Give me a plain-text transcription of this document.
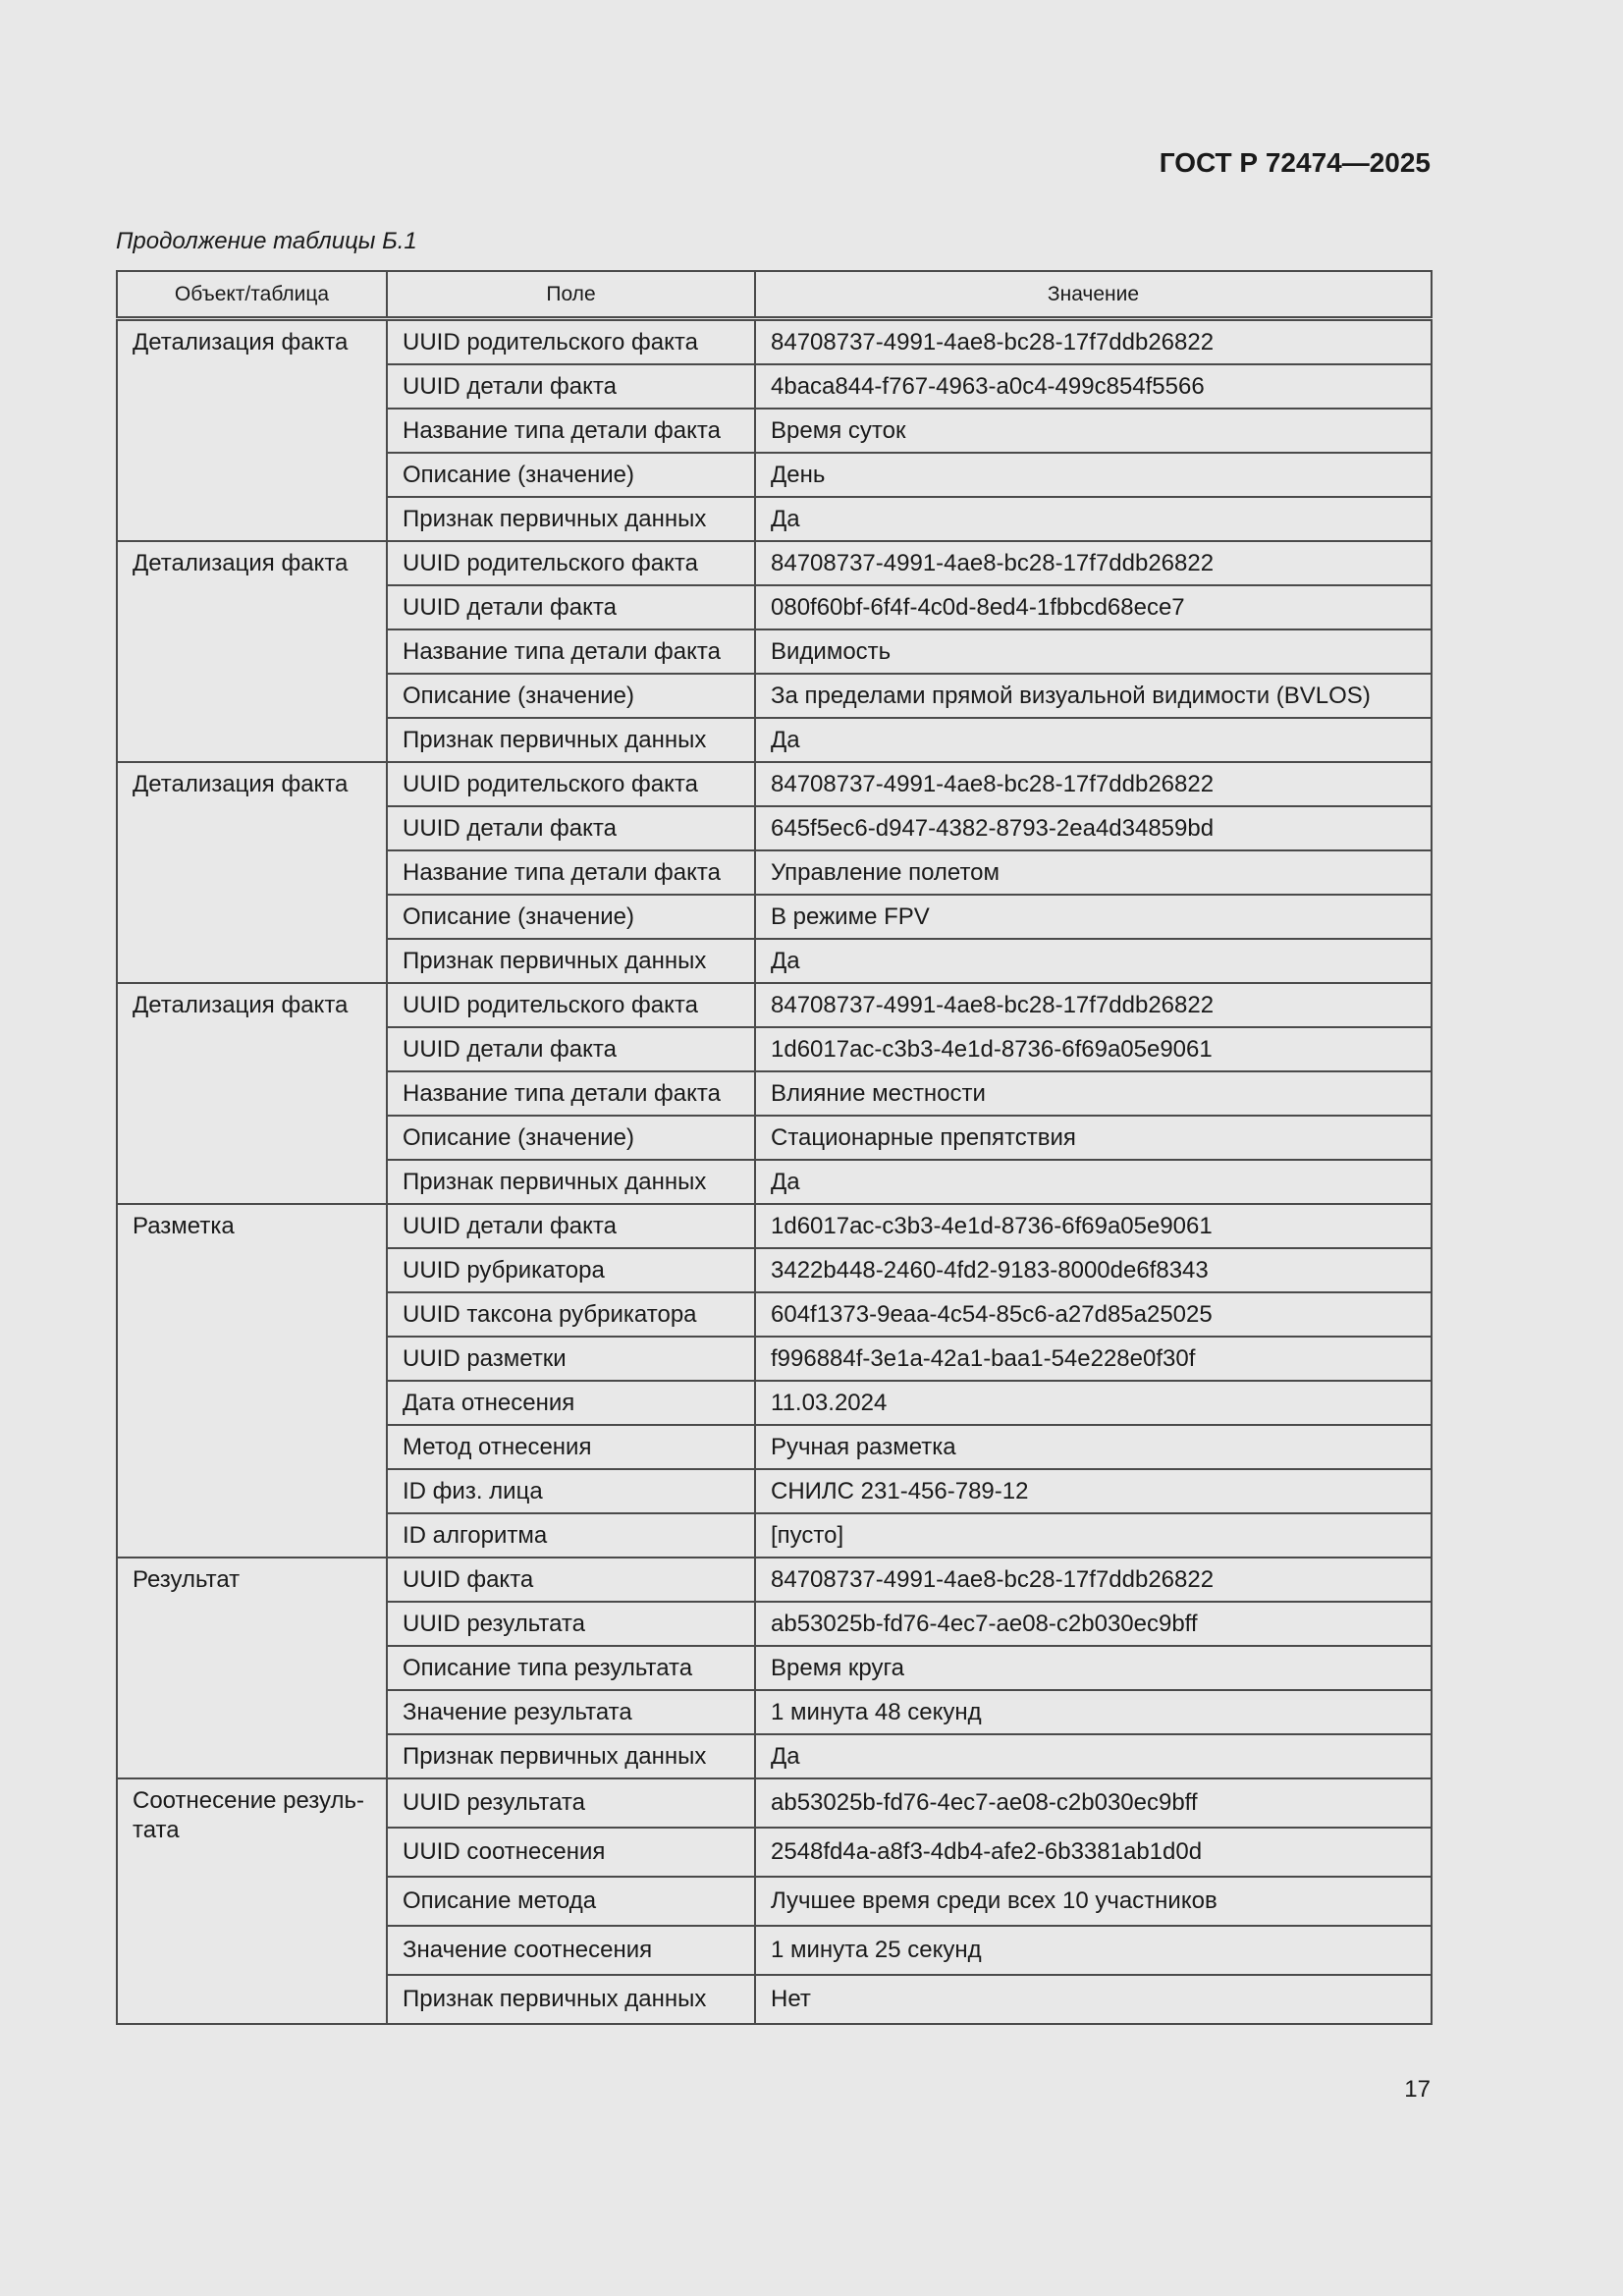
ГОСТ Р 72474—2025
Продолжение таблицы Б.1
Объект/таблица	Поле	Значение
Детализация факта	UUID родительского факта	84708737-4991-4ae8-bc28-17f7ddb26822
	UUID детали факта	4baca844-f767-4963-a0c4-499c854f5566
	Название типа детали факта	Время суток
	Описание (значение)	День
	Признак первичных данных	Да
Детализация факта	UUID родительского факта	84708737-4991-4ae8-bc28-17f7ddb26822
	UUID детали факта	080f60bf-6f4f-4c0d-8ed4-1fbbcd68ece7
	Название типа детали факта	Видимость
	Описание (значение)	За пределами прямой визуальной видимости (BVLOS)
	Признак первичных данных	Да
Детализация факта	UUID родительского факта	84708737-4991-4ae8-bc28-17f7ddb26822
	UUID детали факта	645f5ec6-d947-4382-8793-2ea4d34859bd
	Название типа детали факта	Управление полетом
	Описание (значение)	В режиме FPV
	Признак первичных данных	Да
Детализация факта	UUID родительского факта	84708737-4991-4ae8-bc28-17f7ddb26822
	UUID детали факта	1d6017ac-c3b3-4e1d-8736-6f69a05e9061
	Название типа детали факта	Влияние местности
	Описание (значение)	Стационарные препятствия
	Признак первичных данных	Да
Разметка	UUID детали факта	1d6017ac-c3b3-4e1d-8736-6f69a05e9061
	UUID рубрикатора	3422b448-2460-4fd2-9183-8000de6f8343
	UUID таксона рубрикатора	604f1373-9eaa-4c54-85c6-a27d85a25025
	UUID разметки	f996884f-3e1a-42a1-baa1-54e228e0f30f
	Дата отнесения	11.03.2024
	Метод отнесения	Ручная разметка
	ID физ. лица	СНИЛС 231-456-789-12
	ID алгоритма	[пусто]
Результат	UUID факта	84708737-4991-4ae8-bc28-17f7ddb26822
	UUID результата	ab53025b-fd76-4ec7-ae08-c2b030ec9bff
	Описание типа результата	Время круга
	Значение результата	1 минута 48 секунд
	Признак первичных данных	Да
Соотнесение резуль-тата	UUID результата	ab53025b-fd76-4ec7-ae08-c2b030ec9bff
	UUID соотнесения	2548fd4a-a8f3-4db4-afe2-6b3381ab1d0d
	Описание метода	Лучшее время среди всех 10 участников
	Значение соотнесения	1 минута 25 секунд
	Признак первичных данных	Нет
17
